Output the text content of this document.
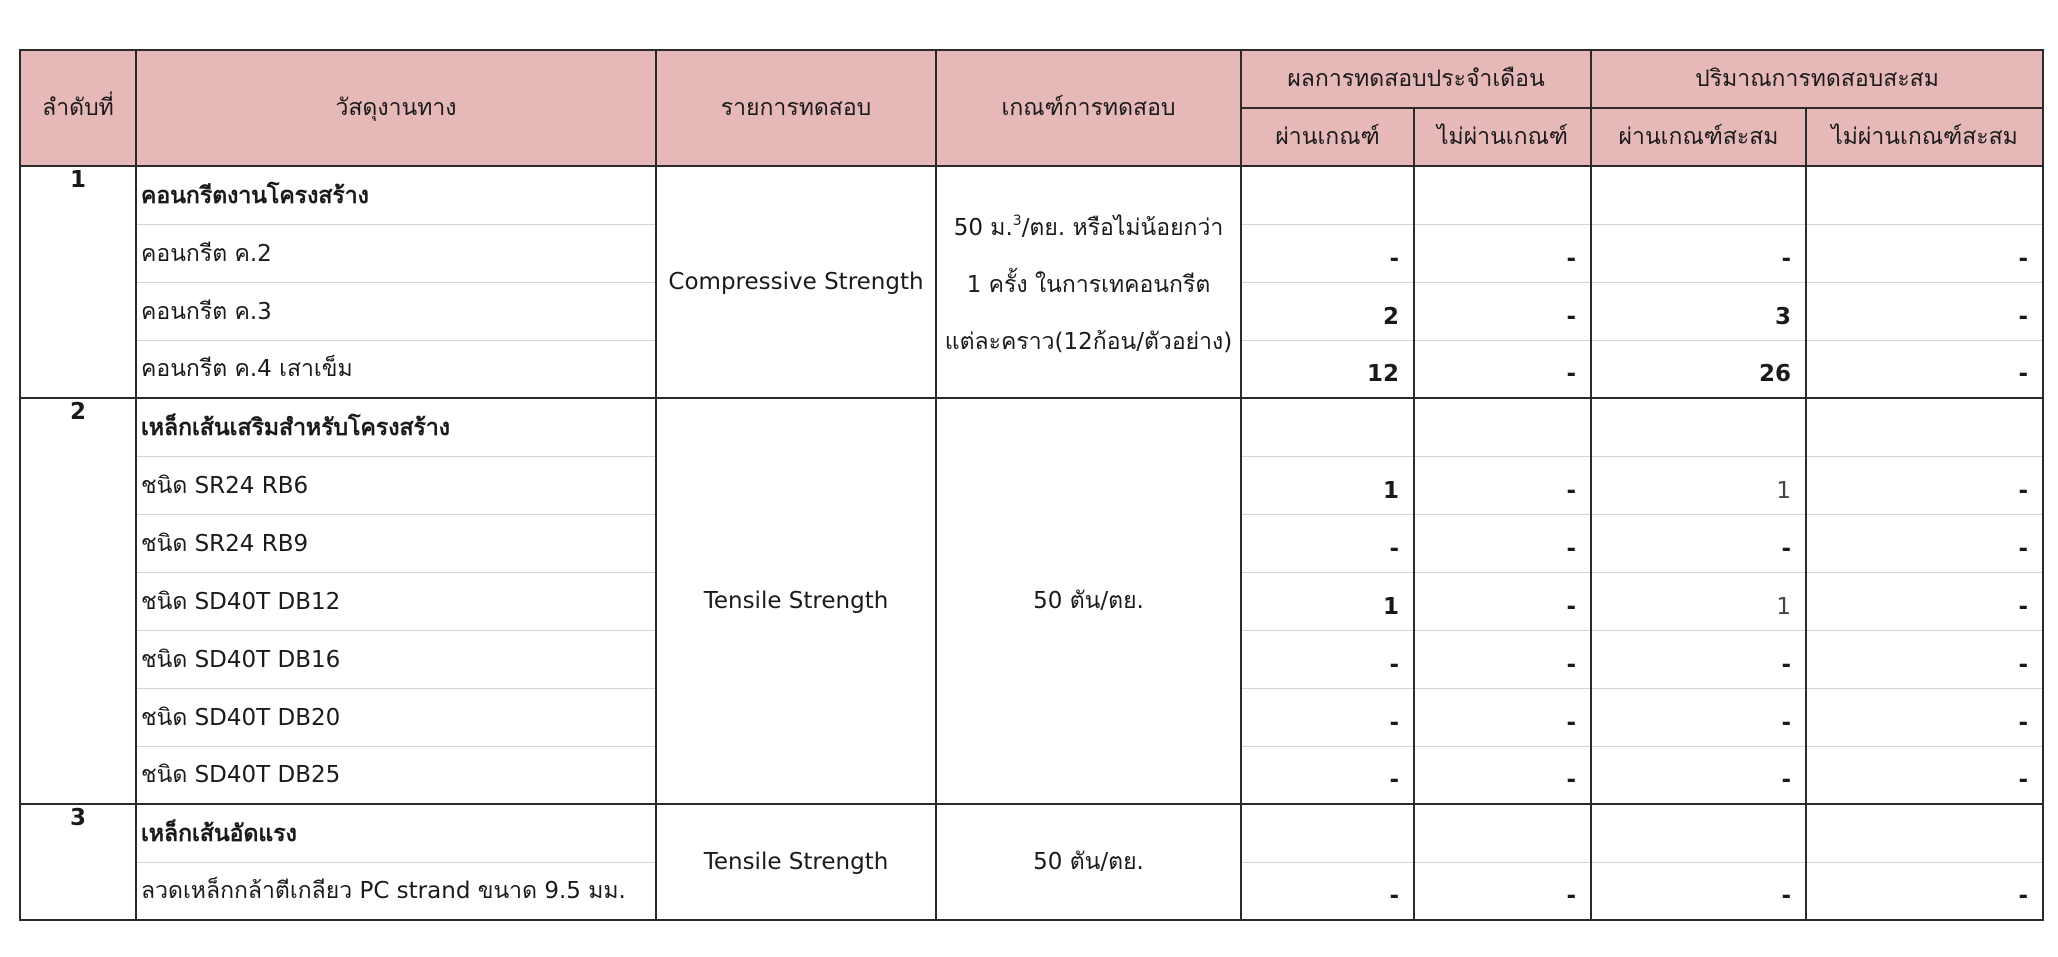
ลำดับที่	วัสดุงานทาง	รายการทดสอบ	เกณฑ์การทดสอบ	ผลการทดสอบประจำเดือน		ปริมาณการทดสอบสะสม	
				ผ่านเกณฑ์	ไม่ผ่านเกณฑ์	ผ่านเกณฑ์สะสม	ไม่ผ่านเกณฑ์สะสม
1	คอนกรีตงานโครงสร้าง	Compressive Strength	50 ม.$^3$/ตย. หรือไม่น้อยกว่า 1 ครั้ง ในการเทคอนกรีตแต่ละคราว(12ก้อน/ตัวอย่าง)				
	คอนกรีต ค.2			-	-	-	-
	คอนกรีต ค.3			2	-	3	-
	คอนกรีต ค.4 เสาเข็ม			12	-	26	-
2	เหล็กเส้นเสริมสำหรับโครงสร้าง	Tensile Strength	50 ตัน/ตย.				
	ชนิด SR24 RB6			1	-	1	-
	ชนิด SR24 RB9			-	-	-	-
	ชนิด SD40T DB12			1	-	1	-
	ชนิด SD40T DB16			-	-	-	-
	ชนิด SD40T DB20			-	-	-	-
	ชนิด SD40T DB25			-	-	-	-
3	เหล็กเส้นอัดแรง	Tensile Strength	50 ตัน/ตย.				
	ลวดเหล็กกล้าตีเกลียว PC strand ขนาด 9.5 มม.			-	-	-	-
